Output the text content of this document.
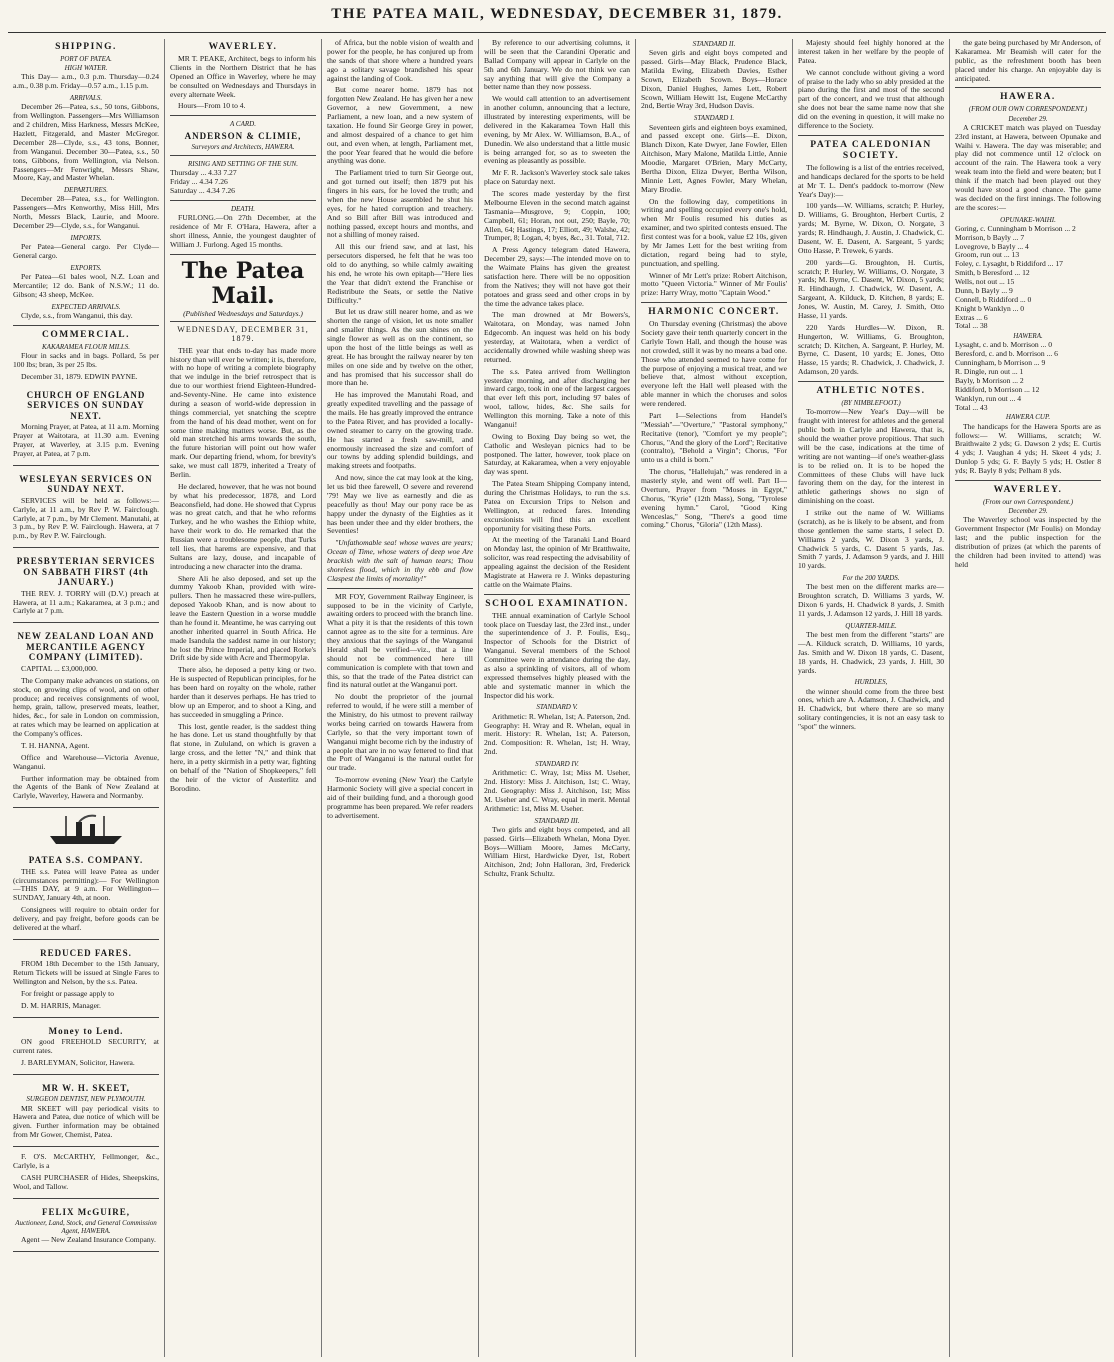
THE PATEA MAIL, WEDNESDAY, DECEMBER 31, 1879.
SHIPPING.
PORT OF PATEA.
HIGH WATER.

This Day— a.m., 0.3 p.m. Thursday—0.24 a.m., 0.38 p.m. Friday—0.57 a.m., 1.15 p.m.

ARRIVALS.

December 26—Patea, s.s., 50 tons, Gibbons, from Wellington. Passengers—Mrs Williamson and 2 children, Miss Harkness, Messrs McKee, Hazlett, Fitzgerald, and Master McGregor. December 28—Clyde, s.s., 43 tons, Bonner, from Wanganui. December 30—Patea, s.s., 50 tons, Gibbons, from Wellington, via Nelson. Passengers—Mr Fenwright, Messrs Shaw, Moore, Kay, and Master Whelan.

DEPARTURES.

December 28—Patea, s.s., for Wellington. Passengers—Mrs Kenworthy, Miss Hill, Mrs North, Messrs Black, Laurie, and Moore. December 29—Clyde, s.s., for Wanganui.

IMPORTS.

Per Patea—General cargo. Per Clyde—General cargo.

EXPORTS.

Per Patea—61 bales wool, N.Z. Loan and Mercantile; 12 do. Bank of N.S.W.; 11 do. Gibson; 43 sheep, McKee.

EXPECTED ARRIVALS.

Clyde, s.s., from Wanganui, this day.

COMMERCIAL.
KAKARAMEA FLOUR MILLS.

Flour in sacks and in bags. Pollard, 5s per 100 lbs; bran, 3s per 25 lbs.

December 31, 1879. EDWIN PAYNE.

CHURCH OF ENGLAND SERVICES ON SUNDAY NEXT.

Morning Prayer, at Patea, at 11 a.m. Morning Prayer at Waitotara, at 11.30 a.m. Evening Prayer, at Waverley, at 3.15 p.m. Evening Prayer, at Patea, at 7 p.m.

WESLEYAN SERVICES ON SUNDAY NEXT.

SERVICES will be held as follows:— Carlyle, at 11 a.m., by Rev P. W. Fairclough. Carlyle, at 7 p.m., by Mr Clement. Manutahi, at 3 p.m., by Rev P. W. Fairclough. Hawera, at 7 p.m., by Rev P. W. Fairclough.

PRESBYTERIAN SERVICES ON SABBATH FIRST (4th JANUARY.)

THE REV. J. TORRY will (D.V.) preach at Hawera, at 11 a.m.; Kakaramea, at 3 p.m.; and Carlyle at 7 p.m.

NEW ZEALAND LOAN AND MERCANTILE AGENCY COMPANY (LIMITED).

CAPITAL ... £3,000,000.

The Company make advances on stations, on stock, on growing clips of wool, and on other produce; and receives consignments of wool, hemp, grain, tallow, preserved meats, leather, hides, &c., for sale in London on commission, at rates which may be learned on application at the Company's offices.

T. H. HANNA, Agent.

Office and Warehouse—Victoria Avenue, Wanganui.

Further information may be obtained from the Agents of the Bank of New Zealand at Carlyle, Waverley, Hawera and Normanby.

PATEA S.S. COMPANY.

THE s.s. Patea will leave Patea as under (circumstances permitting):— For Wellington—THIS DAY, at 9 a.m. For Wellington—SUNDAY, January 4th, at noon.

Consignees will require to obtain order for delivery, and pay freight, before goods can be delivered at the wharf.

REDUCED FARES.

FROM 18th December to the 15th January, Return Tickets will be issued at Single Fares to Wellington and Nelson, by the s.s. Patea.

For freight or passage apply to

D. M. HARRIS, Manager.

Money to Lend.

ON good FREEHOLD SECURITY, at current rates.

J. BARLEYMAN, Solicitor, Hawera.

MR W. H. SKEET,
SURGEON DENTIST, NEW PLYMOUTH.

MR SKEET will pay periodical visits to Hawera and Patea, due notice of which will be given. Further information may be obtained from Mr Gower, Chemist, Patea.

F. O'S. McCARTHY, Fellmonger, &c., Carlyle, is a

CASH PURCHASER of Hides, Sheepskins, Wool, and Tallow.

FELIX McGUIRE,
Auctioneer, Land, Stock, and General Commission Agent, HAWERA.

Agent — New Zealand Insurance Company.

WAVERLEY.

MR T. PEAKE, Architect, begs to inform his Clients in the Northern District that he has Opened an Office in Waverley, where he may be consulted on Wednesdays and Thursdays in every alternate Week.

Hours—From 10 to 4.

A CARD.
ANDERSON & CLIMIE,
Surveyors and Architects, HAWERA.
RISING AND SETTING OF THE SUN.
Thursday ... 4.33 7.27
Friday ... 4.34 7.26
Saturday ... 4.34 7.26
DEATH.

FURLONG.—On 27th December, at the residence of Mr F. O'Hara, Hawera, after a short illness, Annie, the youngest daughter of William J. Furlong. Aged 15 months.

The Patea Mail.
(Published Wednesdays and Saturdays.)
WEDNESDAY, DECEMBER 31, 1879.

THE year that ends to-day has made more history than will ever be written; it is, therefore, with no hope of writing a complete biography that we indulge in the brief retrospect that is due to our worthiest friend Eighteen-Hundred-and-Seventy-Nine. He came into existence during a season of world-wide depression in things commercial, yet snatching the sceptre from the hand of his dead mother, went on for some time making matters worse. But, as the old man stretched his arms towards the south, the future historian will point out how wafer mark. Our departing friend, whom, for brevity's sake, we must call 1879, inherited a Treaty of Berlin.

He declared, however, that he was not bound by what his predecessor, 1878, and Lord Beaconsfield, had done. He showed that Cyprus was no great catch, and that he who reforms Turkey, and he who washes the Ethiop white, have their work to do. He remarked that the Russian were a troublesome people, that Turks tell lies, that harems are expensive, and that Sultans are lazy, douse, and incapable of introducing a new character into the drama.

Shere Ali he also deposed, and set up the dummy Yakoob Khan, provided with wire-pullers. Then he massacred these wire-pullers, deposed Yakoob Khan, and is now about to leave the Eastern Question in a worse muddle than he found it. Meantime, he was carrying out another inherited quarrel in South Africa. He made Isandula the saddest name in our history; he lost the Prince Imperial, and placed Rorke's Drift side by side with Acre and Thermopylæ.

There also, he deposed a petty king or two. He is suspected of Republican principles, for he has been hard on royalty on the whole, rather harder than it deserves perhaps. He has tried to blow up an Emperor, and to shoot a King, and has succeeded in smuggling a Prince.

This lost, gentle reader, is the saddest thing he has done. Let us stand thoughtfully by that flat stone, in Zululand, on which is graven a large cross, and the letter "N," and think that here, in a petty skirmish in a petty war, fighting on behalf of the "Nation of Shopkeepers," fell the heir of the victor of Austerlitz and Borodino.

of Africa, but the noble vision of wealth and power for the people, he has conjured up from the sands of that shore where a hundred years ago a solitary savage brandished his spear against the landing of Cook.

But come nearer home. 1879 has not forgotten New Zealand. He has given her a new Governor, a new Government, a new Parliament, a new loan, and a new system of taxation. He found Sir George Grey in power, and almost despaired of a chance to get him out, and even when, at length, Parliament met, the poor Year feared that he would die before anything was done.

The Parliament tried to turn Sir George out, and got turned out itself; then 1879 put his fingers in his ears, for he loved the truth; and when the new House assembled he shut his eyes, for he hated corruption and treachery. And so Bill after Bill was introduced and nothing passed, except hours and months, and not a shilling of money raised.

All this our friend saw, and at last, his persecutors dispersed, he felt that he was too old to do anything, so while calmly awaiting his end, he wrote his own epitaph—"Here lies the Year that didn't extend the Franchise or Redistribute the Seats, or settle the Native Difficulty."

But let us draw still nearer home, and as we shorten the range of vision, let us note smaller and smaller things. As the sun shines on the single flower as well as on the continent, so upon the host of the little beings as well as great. He has brought the railway nearer by ten miles on one side and by twelve on the other, and has promised that his successor shall do more than he.

He has improved the Manutahi Road, and greatly expedited travelling and the passage of the mails. He has greatly improved the entrance to the Patea River, and has provided a locally-owned steamer to carry on the growing trade. He has started a fresh saw-mill, and enormously increased the size and comfort of our towns by adding splendid buildings, and making streets and footpaths.

And now, since the cat may look at the king, let us bid thee farewell, O severe and reverend '79! May we live as earnestly and die as peacefully as thou! May our pony race be as happy under the dynasty of the Eighties as it has been under thee and thy elder brothers, the Seventies!

"Unfathomable sea! whose waves are years; Ocean of Time, whose waters of deep woe Are brackish with the salt of human tears; Thou shoreless flood, which in thy ebb and flow Claspest the limits of mortality!"

MR FOY, Government Railway Engineer, is supposed to be in the vicinity of Carlyle, awaiting orders to proceed with the branch line. What a pity it is that the residents of this town cannot agree as to the site for a terminus. Are they anxious that the sayings of the Wanganui Herald shall be verified—viz., that a line should not be commenced here till communication is complete with that town and this, so that the trade of the Patea district can find its natural outlet at the Wanganui port.

No doubt the proprietor of the journal referred to would, if he were still a member of the Ministry, do his utmost to prevent railway works being carried on towards Hawera from Carlyle, so that the very important town of Wanganui might become rich by the industry of a people that are in no way fettered to find that the Port of Wanganui is the natural outlet for our trade.

To-morrow evening (New Year) the Carlyle Harmonic Society will give a special concert in aid of their building fund, and a thorough good programme has been prepared. We refer readers to advertisement.

By reference to our advertising columns, it will be seen that the Carandini Operatic and Ballad Company will appear in Carlyle on the 5th and 6th January. We do not think we can say anything that will give the Company a better name than they now possess.

We would call attention to an advertisement in another column, announcing that a lecture, illustrated by interesting experiments, will be delivered in the Kakaramea Town Hall this evening, by Mr Alex. W. Williamson, B.A., of Dunedin. We also understand that a little music is being arranged for, so as to sweeten the evening as pleasantly as possible.

Mr F. R. Jackson's Waverley stock sale takes place on Saturday next.

The scores made yesterday by the first Melbourne Eleven in the second match against Tasmania—Musgrove, 9; Coppin, 100; Campbell, 61; Horan, not out, 250; Bayle, 70; Allen, 64; Hastings, 17; Elliott, 49; Walshe, 42; Trumper, 8; Logan, 4; byes, &c., 31. Total, 712.

A Press Agency telegram dated Hawera, December 29, says:—The intended move on to the Waimate Plains has given the greatest satisfaction here. There will be no opposition from the Natives; they will not have got their potatoes and grass seed and other crops in by the time the advance takes place.

The man drowned at Mr Bowers's, Waitotara, on Monday, was named John Edgecomb. An inquest was held on his body yesterday, at Waitotara, when a verdict of accidentally drowned while washing sheep was returned.

The s.s. Patea arrived from Wellington yesterday morning, and after discharging her inward cargo, took in one of the largest cargoes that ever left this port, including 97 bales of wool, tallow, hides, &c. She sails for Wellington this morning. Take a note of this Wanganui!

Owing to Boxing Day being so wet, the Catholic and Wesleyan picnics had to be postponed. The latter, however, took place on Saturday, at Kakaramea, when a very enjoyable day was spent.

The Patea Steam Shipping Company intend, during the Christmas Holidays, to run the s.s. Patea on Excursion Trips to Nelson and Wellington, at reduced fares. Intending excursionists will find this an excellent opportunity for visiting these Ports.

At the meeting of the Taranaki Land Board on Monday last, the opinion of Mr Bratthwaite, solicitor, was read respecting the advisability of appealing against the decision of the Resident Magistrate at Hawera re J. Winks depasturing cattle on the Waimate Plains.

SCHOOL EXAMINATION.

THE annual examination of Carlyle School took place on Tuesday last, the 23rd inst., under the superintendence of J. P. Foulis, Esq., Inspector of Schools for the District of Wanganui. Several members of the School Committee were in attendance during the day, as also a sprinkling of visitors, all of whom expressed themselves highly pleased with the able and systematic manner in which the Inspector did his work.

STANDARD V.

Arithmetic: R. Whelan, 1st; A. Paterson, 2nd. Geography: H. Wray and R. Whelan, equal in merit. History: R. Whelan, 1st; A. Paterson, 2nd. Composition: R. Whelan, 1st; H. Wray, 2nd.

STANDARD IV.

Arithmetic: C. Wray, 1st; Miss M. Useher, 2nd. History: Miss J. Aitchison, 1st; C. Wray, 2nd. Geography: Miss J. Aitchison, 1st; Miss M. Useher and C. Wray, equal in merit. Mental Arithmetic: 1st, Miss M. Useher.

STANDARD III.

Two girls and eight boys competed, and all passed. Girls—Elizabeth Whelan, Mona Dyer. Boys—William Moore, James McCarty, William Hirst, Hardwicke Dyer, 1st, Robert Aitchison, 2nd; John Halloran, 3rd, Frederick Schultz, Frank Schultz.

STANDARD II.

Seven girls and eight boys competed and passed. Girls—May Black, Prudence Black, Matilda Ewing, Elizabeth Davies, Esther Scown, Elizabeth Scown. Boys—Horace Dixon, Daniel Hughes, James Lett, Robert Scown, William Hewitt 1st, Eugene McCarthy 2nd, Bertie Wray 3rd, Hudson Davis.

STANDARD I.

Seventeen girls and eighteen boys examined, and passed except one. Girls—E. Dixon, Blanch Dixon, Kate Dwyer, Jane Fowler, Ellen Aitchison, Mary Malone, Matilda Little, Annie Moodie, Margaret O'Brien, Mary McCarty, Bertha Dixon, Eliza Dwyer, Bertha Wilson, Minnie Lett, Agnes Fowler, Mary Whelan, Mary Brodie.

On the following day, competitions in writing and spelling occupied every one's hold, when Mr Foulis resumed his duties as examiner, and two spirited contests ensued. The first contest was for a book, value £2 10s, given by Mr James Lett for the best writing from dictation, regard being had to style, punctuation, and spelling.

Winner of Mr Lett's prize: Robert Aitchison, motto "Queen Victoria." Winner of Mr Foulis' prize: Harry Wray, motto "Captain Wood."

HARMONIC CONCERT.

On Thursday evening (Christmas) the above Society gave their tenth quarterly concert in the Carlyle Town Hall, and though the house was not crowded, still it was by no means a bad one. Those who attended seemed to have come for the purpose of enjoying a musical treat, and we believe that, almost without exception, everyone left the Hall well pleased with the able manner in which the choruses and solos were rendered.

Part I—Selections from Handel's "Messiah"—"Overture," "Pastoral symphony," Recitative (tenor), "Comfort ye my people"; Chorus, "And the glory of the Lord"; Recitative (contralto), "Behold a Virgin"; Chorus, "For unto us a child is born."

The chorus, "Hallelujah," was rendered in a masterly style, and went off well. Part II—Overture, Prayer from "Moses in Egypt," Chorus, "Kyrie" (12th Mass), Song, "Tyrolese evening hymn." Carol, "Good King Wenceslas," Song, "There's a good time coming." Chorus, "Gloria" (12th Mass).

Majesty should feel highly honored at the interest taken in her welfare by the people of Patea.

We cannot conclude without giving a word of praise to the lady who so ably presided at the piano during the first and most of the second part of the concert, and we trust that although she does not bear the same name now that she did on the evening in question, it will make no difference to the Society.

PATEA CALEDONIAN SOCIETY.

The following is a list of the entries received, and handicaps declared for the sports to be held at Mr T. L. Dent's paddock to-morrow (New Year's Day):—

100 yards—W. Williams, scratch; P. Hurley, D. Williams, G. Broughton, Herbert Curtis, 2 yards; M. Byrne, W. Dixon, O. Norgate, 3 yards; R. Hindhaugh, J. Austin, J. Chadwick, C. Dasent, W. E. Dasent, A. Sargeant, 5 yards; Otto Hasse, P. Trewek, 6 yards.

200 yards—G. Broughton, H. Curtis, scratch; P. Hurley, W. Williams, O. Norgate, 3 yards; M. Byrne, C. Dasent, W. Dixon, 5 yards; R. Hindhaugh, J. Chadwick, W. Dasent, A. Sargeant, A. Kilduck, D. Kitchen, 8 yards; E. Jones, W. Austin, M. Carey, J. Smith, Otto Hasse, 11 yards.

220 Yards Hurdles—W. Dixon, R. Hungerton, W. Williams, G. Broughton, scratch; D. Kitchen, A. Sargeant, P. Hurley, M. Byrne, C. Dasent, 10 yards; E. Jones, Otto Hasse, 15 yards; R. Chadwick, J. Chadwick, J. Adamson, 20 yards.

ATHLETIC NOTES.
(BY NIMBLEFOOT.)

To-morrow—New Year's Day—will be fraught with interest for athletes and the general public both in Carlyle and Hawera, that is, should the weather prove propitious. That such will be the case, indications at the time of writing are not wanting—if one's weather-glass is to be relied on. It is to be hoped the Committees of these Clubs will have luck favoring them on the day, for the interest in athletic gatherings shows no sign of diminishing on the coast.

I strike out the name of W. Williams (scratch), as he is likely to be absent, and from those gentlemen the same starts, I select D. Williams 2 yards, W. Dixon 3 yards, J. Chadwick 5 yards, C. Dasent 5 yards, Jas. Smith 7 yards, J. Adamson 9 yards, and J. Hill 10 yards.

For the 200 YARDS.

The best men on the different marks are—Broughton scratch, D. Williams 3 yards, W. Dixon 6 yards, H. Chadwick 8 yards, J. Smith 11 yards, J. Adamson 12 yards, J. Hill 18 yards.

QUARTER-MILE.

The best men from the different "starts" are—A. Kilduck scratch, D. Williams, 10 yards, Jas. Smith and W. Dixon 18 yards, C. Dasent, 18 yards, H. Chadwick, 23 yards, J. Hill, 30 yards.

HURDLES,

the winner should come from the three best ones, which are A. Adamson, J. Chadwick, and H. Chadwick, but where there are so many solitary contingencies, it is not an easy task to "spot" the winners.

the gate being purchased by Mr Anderson, of Kakaramea. Mr Beamish will cater for the public, as the refreshment booth has been placed under his charge. An enjoyable day is anticipated.

HAWERA.
(FROM OUR OWN CORRESPONDENT.)
December 29.

A CRICKET match was played on Tuesday 23rd instant, at Hawera, between Opunake and Waihi v. Hawera. The day was miserable; and play did not commence until 12 o'clock on account of the rain. The Hawera took a very weak team into the field and were beaten; but I think if the match had been played out they would have stood a good chance. The game was decided on the first innings. The following are the scores:—

OPUNAKE-WAIHI.
Goring, c. Cunningham b Morrison ... 2
Morrison, b Bayly ... 7
Lovegrove, b Bayly ... 4
Groom, run out ... 13
Foley, c. Lysaght, b Riddiford ... 17
Smith, b Beresford ... 12
Wells, not out ... 15
Dunn, b Bayly ... 9
Connell, b Riddiford ... 0
Knight b Wanklyn ... 0
Extras ... 6
Total ... 38
HAWERA.
Lysaght, c. and b. Morrison ... 0
Beresford, c. and b. Morrison ... 6
Cunningham, b Morrison ... 9
R. Dingle, run out ... 1
Bayly, b Morrison ... 2
Riddiford, b Morrison ... 12
Wanklyn, run out ... 4
Total ... 43
HAWERA CUP.

The handicaps for the Hawera Sports are as follows:— W. Williams, scratch; W. Braithwaite 2 yds; G. Dawson 2 yds; E. Curtis 4 yds; J. Vaughan 4 yds; H. Skeet 4 yds; J. Dunlop 5 yds; G. F. Bayly 5 yds; H. Ostler 8 yds; R. Bayly 8 yds; Pelham 8 yds.

WAVERLEY.
(From our own Correspondent.)
December 29.

The Waverley school was inspected by the Government Inspector (Mr Foulis) on Monday last; and the public inspection for the distribution of prizes (at which the parents of the children had been invited to attend) was held
